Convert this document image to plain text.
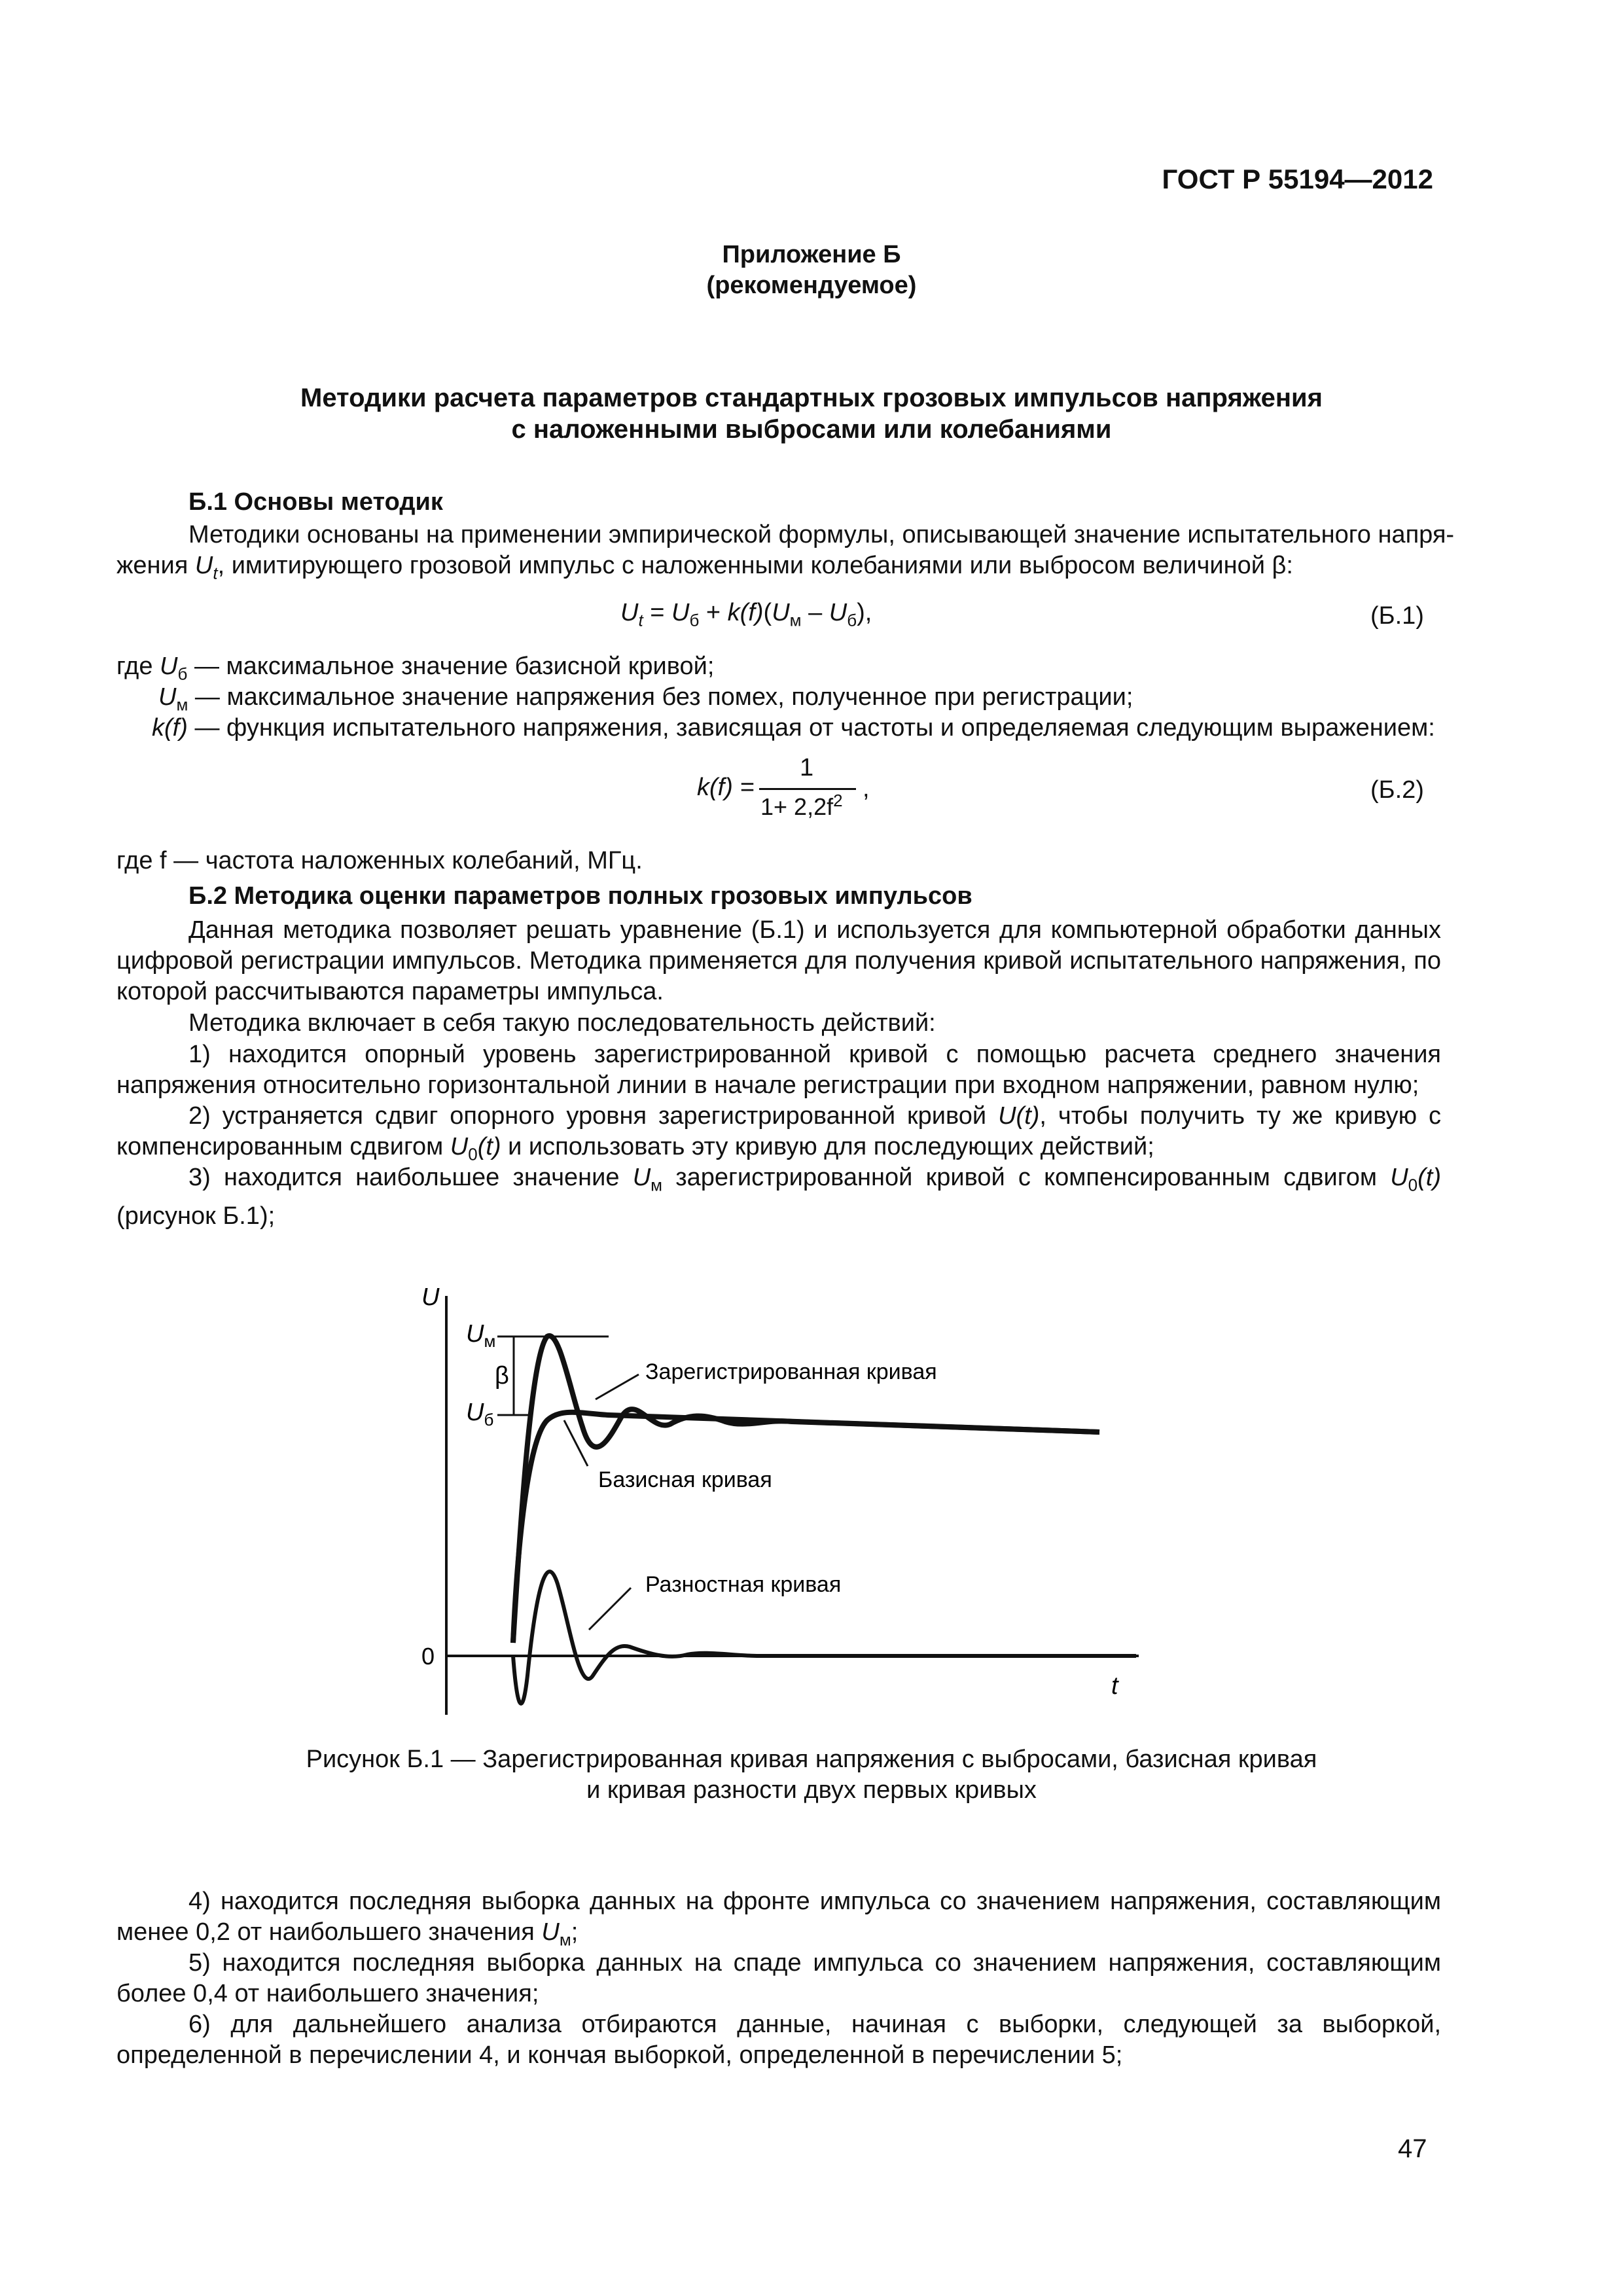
ГОСТ Р 55194—2012
Приложение Б
(рекомендуемое)
Методики расчета параметров стандартных грозовых импульсов напряжения
с наложенными выбросами или колебаниями
Б.1 Основы методик
Методики основаны на применении эмпирической формулы, описывающей значение испытательного напря-
жения $U_t$, имитирующего грозовой импульс с наложенными колебаниями или выбросом величиной β:
$U_t = U_б + k(f)(U_м - U_б)$,	(Б.1)
где $U_б$ — максимальное значение базисной кривой;
$U_м$ — максимальное значение напряжения без помех, полученное при регистрации;
k(f) — функция испытательного напряжения, зависящая от частоты и определяемая следующим выражением:
k(f) =
1
$1+ 2,2f^2$ ,	(Б.2)
где f — частота наложенных колебаний, МГц.
Б.2 Методика оценки параметров полных грозовых импульсов
Данная методика позволяет решать уравнение (Б.1) и используется для компьютерной обработки данных цифровой регистрации импульсов. Методика применяется для получения кривой испытательного напряжения, по которой рассчитываются параметры импульса.
Методика включает в себя такую последовательность действий:
1) находится опорный уровень зарегистрированной кривой с помощью расчета среднего значения напряжения относительно горизонтальной линии в начале регистрации при входном напряжении, равном нулю;
2) устраняется сдвиг опорного уровня зарегистрированной кривой U(t), чтобы получить ту же кривую с компенсированным сдвигом $U_0(t)$ и использовать эту кривую для последующих действий;
3) находится наибольшее значение $U_м$ зарегистрированной кривой с компенсированным сдвигом $U_0(t)$ (рисунок Б.1);
U
t
0
$U_м$
$U_б$
β	Зарегистрированная кривая
Базисная кривая
Разностная кривая
Рисунок Б.1 — Зарегистрированная кривая напряжения с выбросами, базисная кривая
и кривая разности двух первых кривых
4) находится последняя выборка данных на фронте импульса со значением напряжения, составляющим менее 0,2 от наибольшего значения $U_м$;
5) находится последняя выборка данных на спаде импульса со значением напряжения, составляющим более 0,4 от наибольшего значения;
6) для дальнейшего анализа отбираются данные, начиная с выборки, следующей за выборкой, определенной в перечислении 4, и кончая выборкой, определенной в перечислении 5;
47
